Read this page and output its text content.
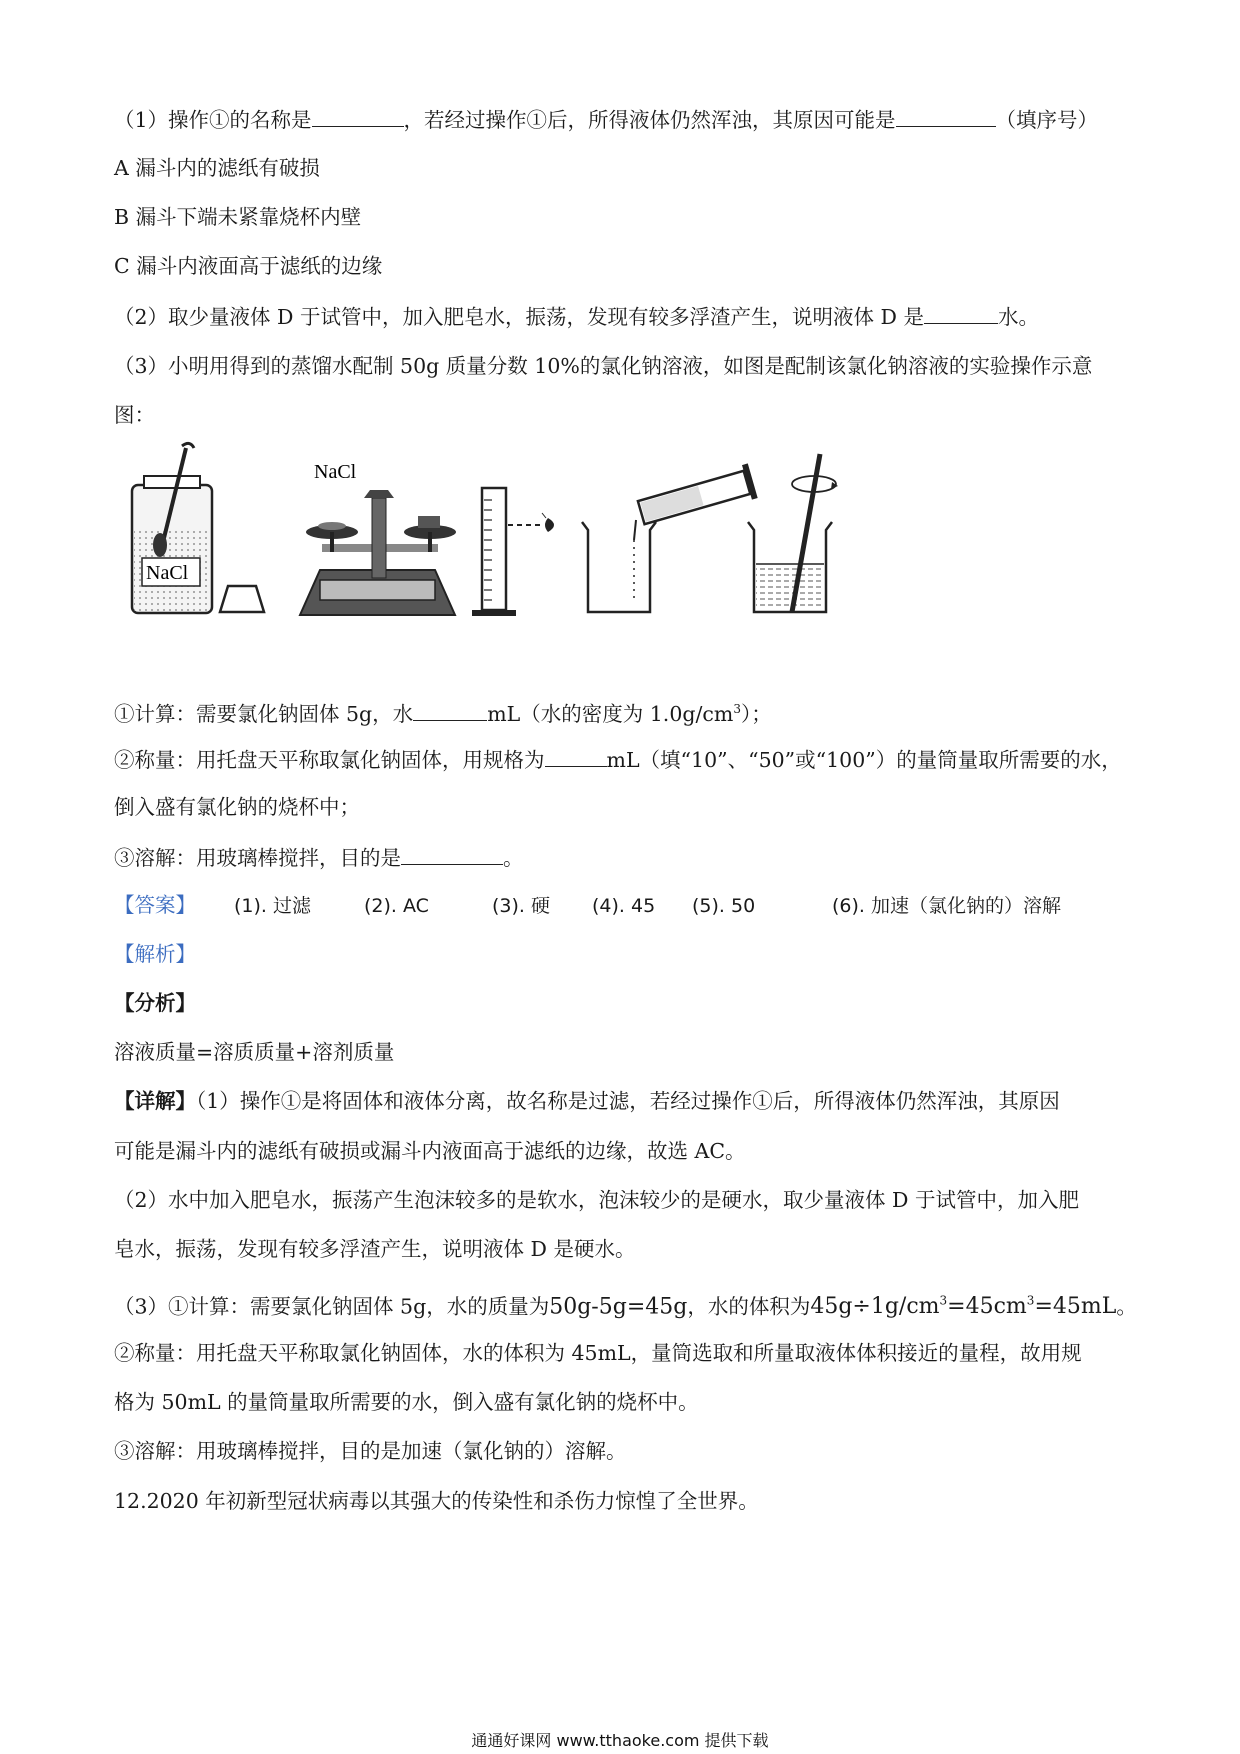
（1）操作①的名称是	，若经过操作①后，所得液体仍然浑浊，其原因可能是	（填序号）
A 漏斗内的滤纸有破损
B 漏斗下端未紧靠烧杯内壁
C 漏斗内液面高于滤纸的边缘
（2）取少量液体 D 于试管中，加入肥皂水，振荡，发现有较多浮渣产生，说明液体 D 是	水。
（3）小明用得到的蒸馏水配制 50g 质量分数 10%的氯化钠溶液，如图是配制该氯化钠溶液的实验操作示意
图：
NaCl
NaCl
①计算：需要氯化钠固体 5g，水	mL（水的密度为 $1.0g/cm^3$）；
②称量：用托盘天平称取氯化钠固体，用规格为	mL（填“10”、“50”或“100”）的量筒量取所需要的水，
倒入盛有氯化钠的烧杯中；
③溶解：用玻璃棒搅拌，目的是	。
【答案】 (1). 过滤	(2). AC	(3). 硬 (4). 45 (5). 50	(6). 加速（氯化钠的）溶解
【解析】
【分析】
溶液质量=溶质质量+溶剂质量
【详解】（1）操作①是将固体和液体分离，故名称是过滤，若经过操作①后，所得液体仍然浑浊，其原因
可能是漏斗内的滤纸有破损或漏斗内液面高于滤纸的边缘，故选 AC。
（2）水中加入肥皂水，振荡产生泡沫较多的是软水，泡沫较少的是硬水，取少量液体 D 于试管中，加入肥
皂水，振荡，发现有较多浮渣产生，说明液体 D 是硬水。
（3）①计算：需要氯化钠固体 5g，水的质量为50g-5g=45g，水的体积为$45g\div 1g/cm^3=45cm^3=45mL$。
②称量：用托盘天平称取氯化钠固体，水的体积为 45mL，量筒选取和所量取液体体积接近的量程，故用规
格为 50mL 的量筒量取所需要的水，倒入盛有氯化钠的烧杯中。
③溶解：用玻璃棒搅拌，目的是加速（氯化钠的）溶解。
12.2020 年初新型冠状病毒以其强大的传染性和杀伤力惊惶了全世界。
通通好课网 www.tthaoke.com 提供下载
